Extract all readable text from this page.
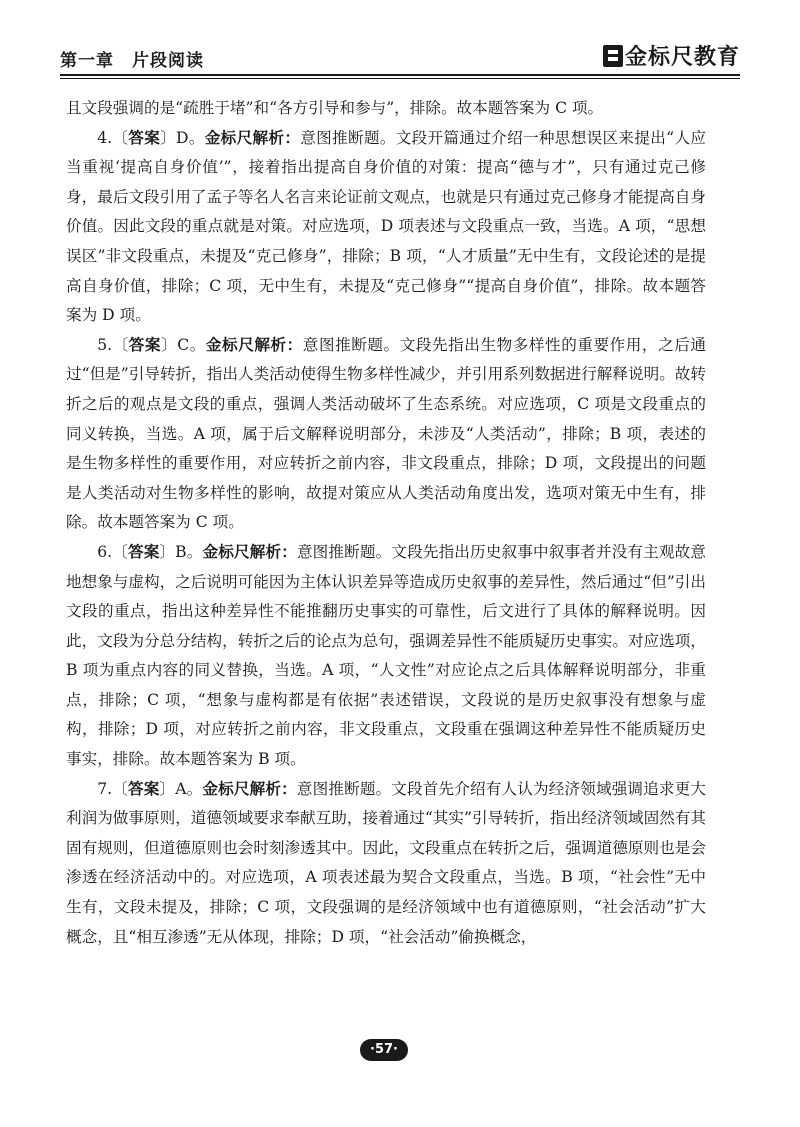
第一章　片段阅读	金标尺教育

且文段强调的是“疏胜于堵”和“各方引导和参与”，排除。故本题答案为 C 项。

4.〔答案〕D。金标尺解析：意图推断题。文段开篇通过介绍一种思想误区来提出“人应当重视‘提高自身价值’”，接着指出提高自身价值的对策：提高“德与才”，只有通过克己修身，最后文段引用了孟子等名人名言来论证前文观点，也就是只有通过克己修身才能提高自身价值。因此文段的重点就是对策。对应选项，D 项表述与文段重点一致，当选。A 项，“思想误区”非文段重点，未提及“克己修身”，排除；B 项，“人才质量”无中生有，文段论述的是提高自身价值，排除；C 项，无中生有，未提及“克己修身”“提高自身价值”，排除。故本题答案为 D 项。

5.〔答案〕C。金标尺解析：意图推断题。文段先指出生物多样性的重要作用，之后通过“但是”引导转折，指出人类活动使得生物多样性减少，并引用系列数据进行解释说明。故转折之后的观点是文段的重点，强调人类活动破坏了生态系统。对应选项，C 项是文段重点的同义转换，当选。A 项，属于后文解释说明部分，未涉及“人类活动”，排除；B 项，表述的是生物多样性的重要作用，对应转折之前内容，非文段重点，排除；D 项，文段提出的问题是人类活动对生物多样性的影响，故提对策应从人类活动角度出发，选项对策无中生有，排除。故本题答案为 C 项。

6.〔答案〕B。金标尺解析：意图推断题。文段先指出历史叙事中叙事者并没有主观故意地想象与虚构，之后说明可能因为主体认识差异等造成历史叙事的差异性，然后通过“但”引出文段的重点，指出这种差异性不能推翻历史事实的可靠性，后文进行了具体的解释说明。因此，文段为分总分结构，转折之后的论点为总句，强调差异性不能质疑历史事实。对应选项，B 项为重点内容的同义替换，当选。A 项，“人文性”对应论点之后具体解释说明部分，非重点，排除；C 项，“想象与虚构都是有依据”表述错误，文段说的是历史叙事没有想象与虚构，排除；D 项，对应转折之前内容，非文段重点，文段重在强调这种差异性不能质疑历史事实，排除。故本题答案为 B 项。

7.〔答案〕A。金标尺解析：意图推断题。文段首先介绍有人认为经济领域强调追求更大利润为做事原则，道德领域要求奉献互助，接着通过“其实”引导转折，指出经济领域固然有其固有规则，但道德原则也会时刻渗透其中。因此，文段重点在转折之后，强调道德原则也是会渗透在经济活动中的。对应选项，A 项表述最为契合文段重点，当选。B 项，“社会性”无中生有，文段未提及，排除；C 项，文段强调的是经济领域中也有道德原则，“社会活动”扩大概念，且“相互渗透”无从体现，排除；D 项，“社会活动”偷换概念，

·57·
